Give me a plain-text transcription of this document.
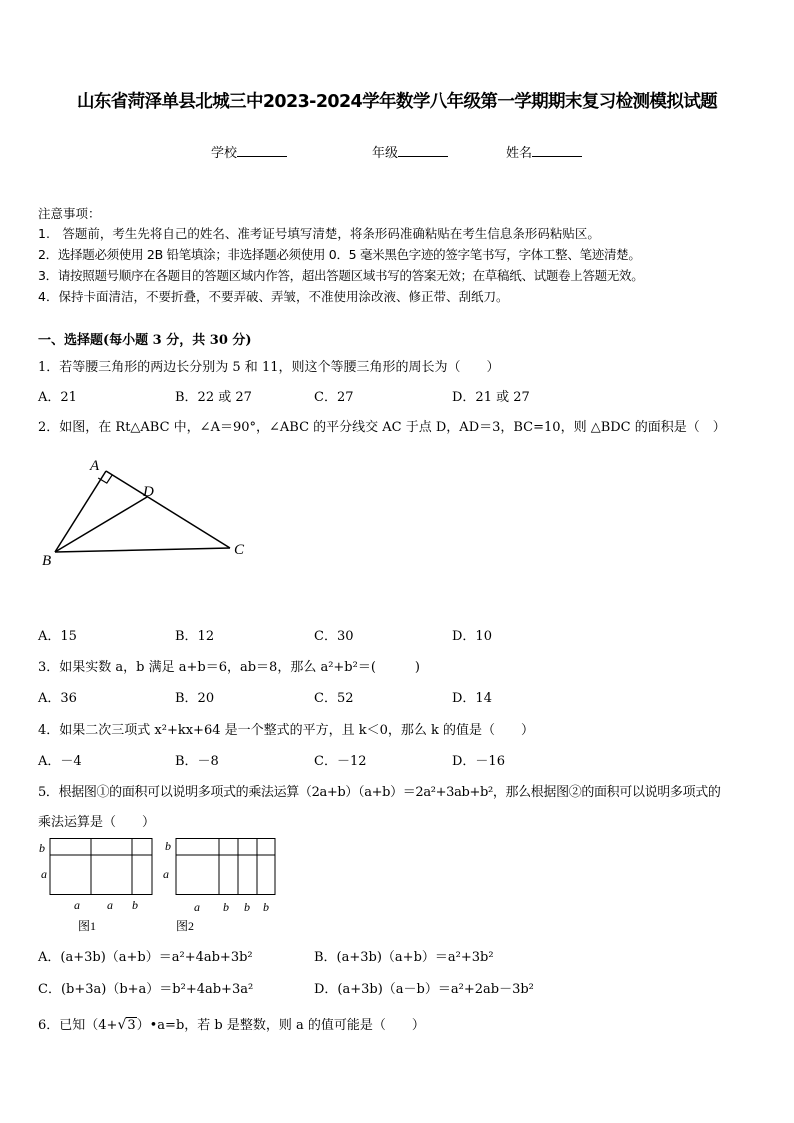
山东省菏泽单县北城三中2023-2024学年数学八年级第一学期期末复习检测模拟试题
学校	年级	姓名
注意事项：
1.　答题前，考生先将自己的姓名、准考证号填写清楚，将条形码准确粘贴在考生信息条形码粘贴区。
2．选择题必须使用 2B 铅笔填涂；非选择题必须使用 0．5 毫米黑色字迹的签字笔书写，字体工整、笔迹清楚。
3．请按照题号顺序在各题目的答题区域内作答，超出答题区域书写的答案无效；在草稿纸、试题卷上答题无效。
4．保持卡面清洁，不要折叠，不要弄破、弄皱，不准使用涂改液、修正带、刮纸刀。
一、选择题(每小题 3 分，共 30 分)
1．若等腰三角形的两边长分别为 5 和 11，则这个等腰三角形的周长为（　　）
A．21	B．22 或 27	C．27	D．21 或 27
2．如图，在 Rt△ABC 中，∠A＝90°，∠ABC 的平分线交 AC 于点 D，AD＝3，BC=10，则 △BDC 的面积是（　）
A
D
B
C
A．15	B．12	C．30	D．10
3．如果实数 a，b 满足 a+b＝6，ab＝8，那么 a²+b²＝(　　　)
A．36	B．20	C．52	D．14
4．如果二次三项式 x²+kx+64 是一个整式的平方，且 k＜0，那么 k 的值是（　　）
A．－4	B．－8	C．－12	D．－16
5．根据图①的面积可以说明多项式的乘法运算（2a+b）（a+b）＝2a²+3ab+b²，那么根据图②的面积可以说明多项式的
乘法运算是（　　）
b
a
a a b
图1
b
a
a b b b
图2
A．(a+3b)（a+b）＝a²+4ab+3b²	B．(a+3b)（a+b）＝a²+3b²
C．(b+3a)（b+a）＝b²+4ab+3a²	D．(a+3b)（a－b）＝a²+2ab－3b²
6．已知（4+√3）•a=b，若 b 是整数，则 a 的值可能是（　　）
